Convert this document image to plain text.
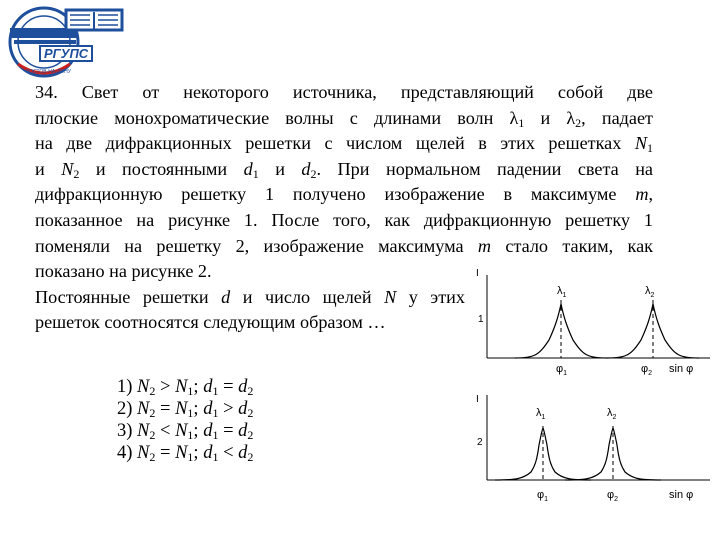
РГУПС
РОСТОВ-НА-ДОНУ
34. Свет от некоторого источника, представляющий собой две
плоские монохроматические волны с длинами волн $\lambda_1$ и $\lambda_2$, падает
на две дифракционных решетки с числом щелей в этих решетках $N_1$
и $N_2$ и постоянными $d_1$ и $d_2$. При нормальном падении света на
дифракционную решетку 1 получено изображение в максимуме m,
показанное на рисунке 1. После того, как дифракционную решетку 1
поменяли на решетку 2, изображение максимума m стало таким, как
показано на рисунке 2.
Постоянные решетки d и число щелей N у этих
решеток соотносятся следующим образом …
1) $N_2 > N_1$; $d_1 = d_2$
2) $N_2 = N_1$; $d_1 > d_2$
3) $N_2 < N_1$; $d_1 = d_2$
4) $N_2 = N_1$; $d_1 < d_2$
I
1
$\lambda_1$	$\lambda_2$
$\varphi_1$	$\varphi_2$ sin φ
I
2
$\lambda_1$	$\lambda_2$
$\varphi_1$	$\varphi_2$	sin φ
